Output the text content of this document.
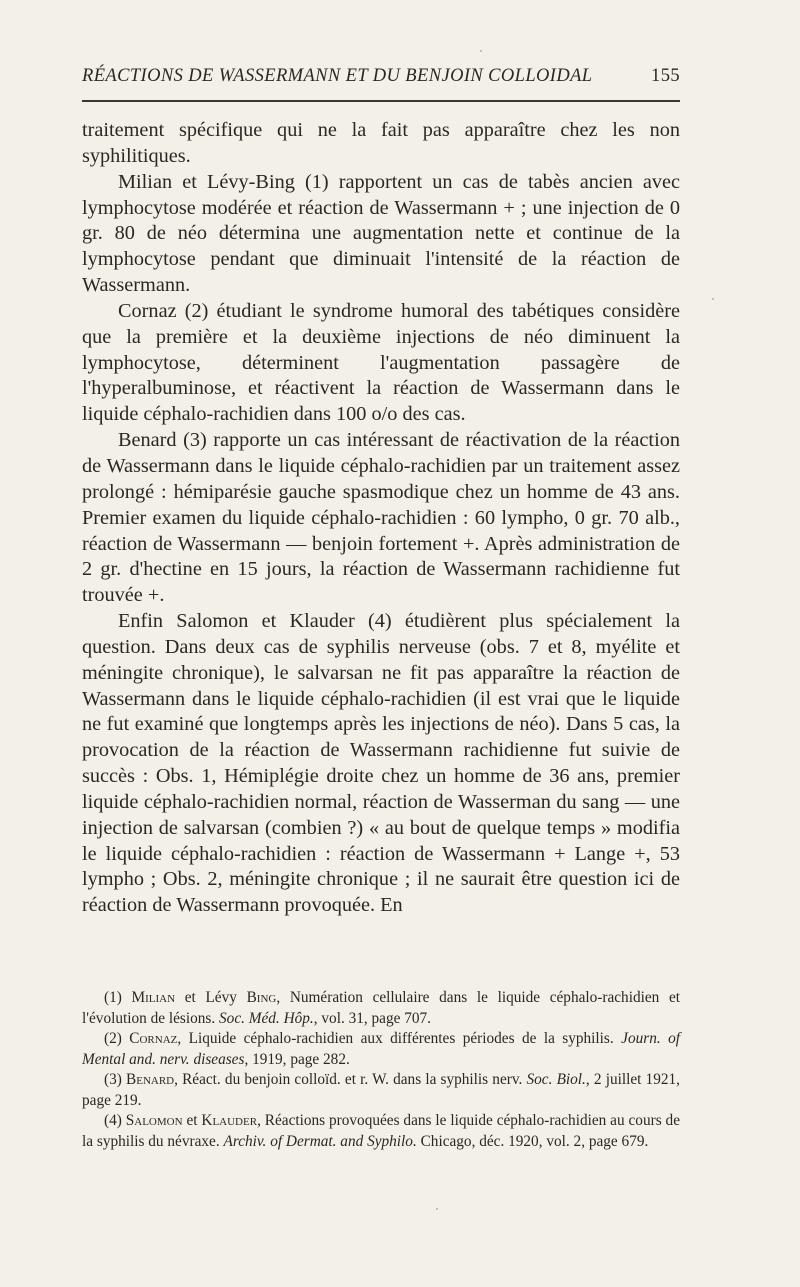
RÉACTIONS DE WASSERMANN ET DU BENJOIN COLLOIDAL	155

traitement spécifique qui ne la fait pas apparaître chez les non syphilitiques.

Milian et Lévy-Bing (1) rapportent un cas de tabès ancien avec lymphocytose modérée et réaction de Wassermann + ; une injection de 0 gr. 80 de néo détermina une augmentation nette et continue de la lymphocytose pendant que diminuait l'intensité de la réaction de Wassermann.

Cornaz (2) étudiant le syndrome humoral des tabétiques considère que la première et la deuxième injections de néo diminuent la lymphocytose, déterminent l'augmentation passagère de l'hyperalbuminose, et réactivent la réaction de Wassermann dans le liquide céphalo-rachidien dans 100 o/o des cas.

Benard (3) rapporte un cas intéressant de réactivation de la réaction de Wassermann dans le liquide céphalo-rachidien par un traitement assez prolongé : hémiparésie gauche spasmodique chez un homme de 43 ans. Premier examen du liquide céphalo-rachidien : 60 lympho, 0 gr. 70 alb., réaction de Wassermann — benjoin fortement +. Après administration de 2 gr. d'hectine en 15 jours, la réaction de Wassermann rachidienne fut trouvée +.

Enfin Salomon et Klauder (4) étudièrent plus spécialement la question. Dans deux cas de syphilis nerveuse (obs. 7 et 8, myélite et méningite chronique), le salvarsan ne fit pas apparaître la réaction de Wassermann dans le liquide céphalo-rachidien (il est vrai que le liquide ne fut examiné que longtemps après les injections de néo). Dans 5 cas, la provocation de la réaction de Wassermann rachidienne fut suivie de succès : Obs. 1, Hémiplégie droite chez un homme de 36 ans, premier liquide céphalo-rachidien normal, réaction de Wasserman du sang — une injection de salvarsan (combien ?) « au bout de quelque temps » modifia le liquide céphalo-rachidien : réaction de Wassermann + Lange +, 53 lympho ; Obs. 2, méningite chronique ; il ne saurait être question ici de réaction de Wassermann provoquée. En

(1) Milian et Lévy Bing, Numération cellulaire dans le liquide céphalo-rachidien et l'évolution de lésions. Soc. Méd. Hôp., vol. 31, page 707.

(2) Cornaz, Liquide céphalo-rachidien aux différentes périodes de la syphilis. Journ. of Mental and. nerv. diseases, 1919, page 282.

(3) Benard, Réact. du benjoin colloïd. et r. W. dans la syphilis nerv. Soc. Biol., 2 juillet 1921, page 219.

(4) Salomon et Klauder, Réactions provoquées dans le liquide céphalo-rachidien au cours de la syphilis du névraxe. Archiv. of Dermat. and Syphilo. Chicago, déc. 1920, vol. 2, page 679.
